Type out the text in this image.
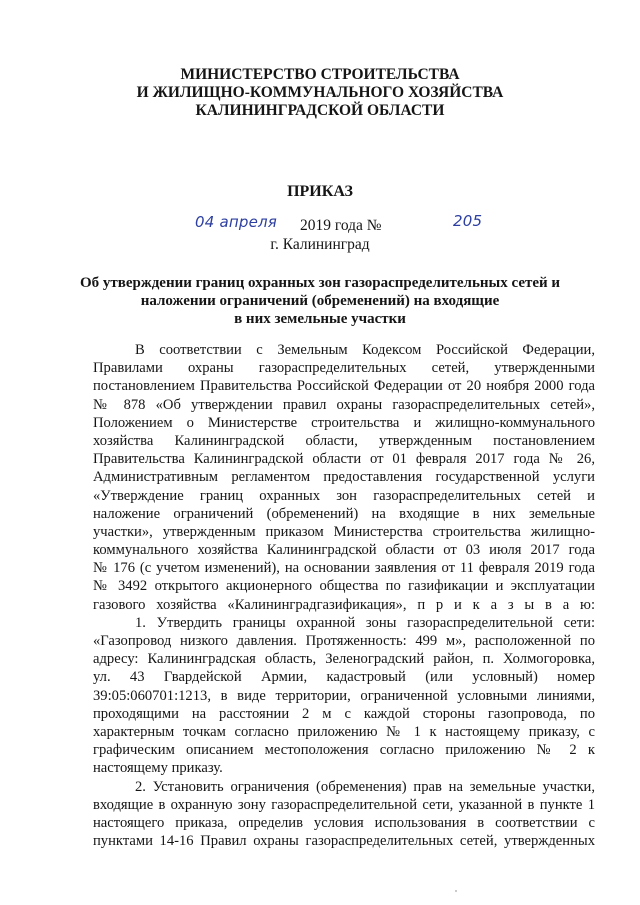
МИНИСТЕРСТВО СТРОИТЕЛЬСТВА
И ЖИЛИЩНО-КОММУНАЛЬНОГО ХОЗЯЙСТВА
КАЛИНИНГРАДСКОЙ ОБЛАСТИ
ПРИКАЗ
04 апреля 2019 года №	205
г. Калининград
Об утверждении границ охранных зон газораспределительных сетей и
наложении ограничений (обременений) на входящие
в них земельные участки
В соответствии с Земельным Кодексом Российской Федерации,
Правилами охраны газораспределительных сетей, утвержденными
постановлением Правительства Российской Федерации от 20 ноября 2000 года
№ 878 «Об утверждении правил охраны газораспределительных сетей»,
Положением о Министерстве строительства и жилищно-коммунального
хозяйства Калининградской области, утвержденным постановлением
Правительства Калининградской области от 01 февраля 2017 года № 26,
Административным регламентом предоставления государственной услуги
«Утверждение границ охранных зон газораспределительных сетей и
наложение ограничений (обременений) на входящие в них земельные
участки», утвержденным приказом Министерства строительства жилищно-
коммунального хозяйства Калининградской области от 03 июля 2017 года
№ 176 (с учетом изменений), на основании заявления от 11 февраля 2019 года
№ 3492 открытого акционерного общества по газификации и эксплуатации
газового хозяйства «Калининградгазификация», п р и к а з ы в а ю:
1. Утвердить границы охранной зоны газораспределительной сети:
«Газопровод низкого давления. Протяженность: 499 м», расположенной по
адресу: Калининградская область, Зеленоградский район, п. Холмогоровка,
ул. 43 Гвардейской Армии, кадастровый (или условный) номер
39:05:060701:1213, в виде территории, ограниченной условными линиями,
проходящими на расстоянии 2 м с каждой стороны газопровода, по
характерным точкам согласно приложению № 1 к настоящему приказу, с
графическим описанием местоположения согласно приложению № 2 к
настоящему приказу.
2. Установить ограничения (обременения) прав на земельные участки,
входящие в охранную зону газораспределительной сети, указанной в пункте 1
настоящего приказа, определив условия использования в соответствии с
пунктами 14-16 Правил охраны газораспределительных сетей, утвержденных
